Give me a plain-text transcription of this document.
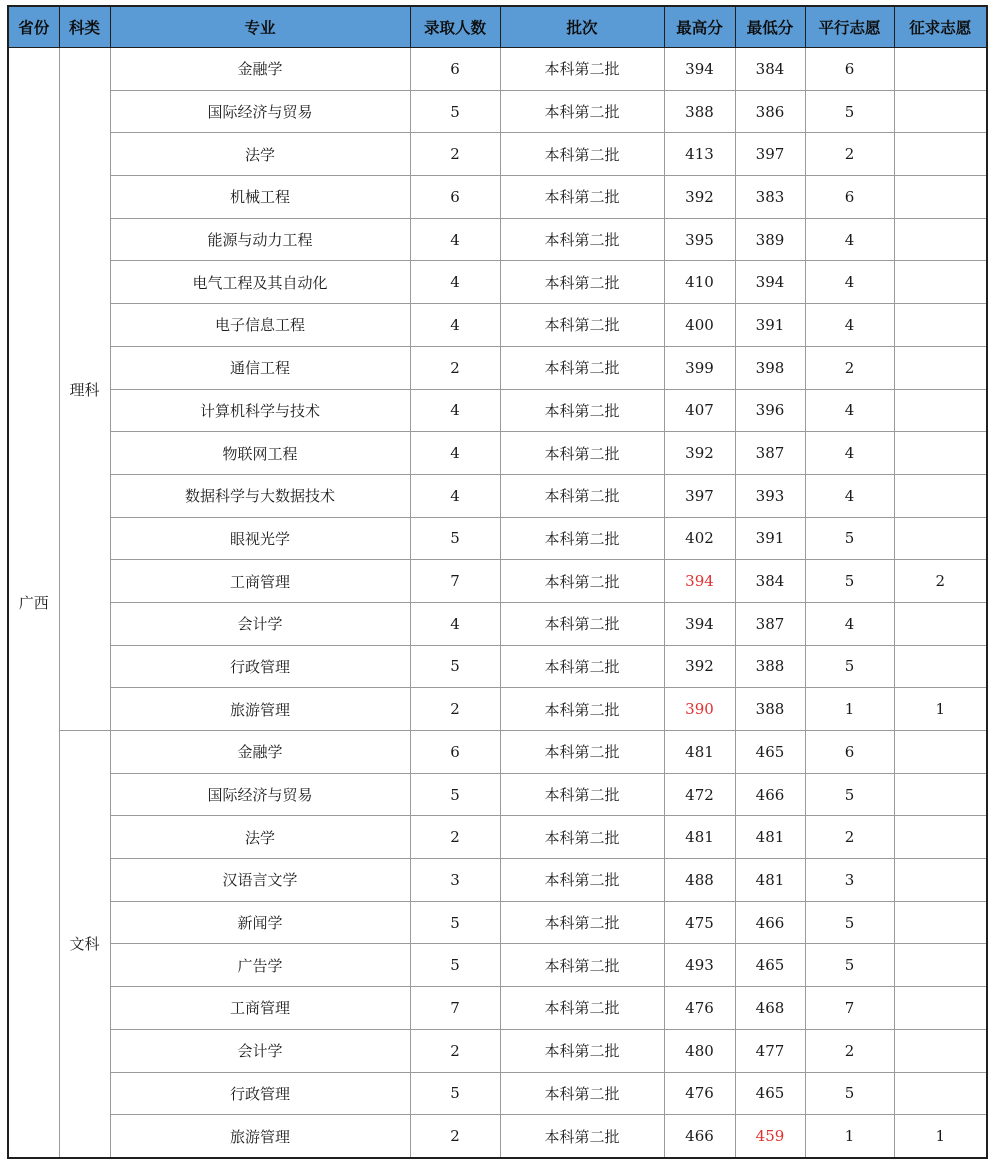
省份	科类	专业	录取人数	批次	最高分	最低分	平行志愿	征求志愿
广西	理科	金融学	6	本科第二批	394	384	6	
		国际经济与贸易	5	本科第二批	388	386	5	
		法学	2	本科第二批	413	397	2	
		机械工程	6	本科第二批	392	383	6	
		能源与动力工程	4	本科第二批	395	389	4	
		电气工程及其自动化	4	本科第二批	410	394	4	
		电子信息工程	4	本科第二批	400	391	4	
		通信工程	2	本科第二批	399	398	2	
		计算机科学与技术	4	本科第二批	407	396	4	
		物联网工程	4	本科第二批	392	387	4	
		数据科学与大数据技术	4	本科第二批	397	393	4	
		眼视光学	5	本科第二批	402	391	5	
		工商管理	7	本科第二批	394	384	5	2
		会计学	4	本科第二批	394	387	4	
		行政管理	5	本科第二批	392	388	5	
		旅游管理	2	本科第二批	390	388	1	1
	文科	金融学	6	本科第二批	481	465	6	
		国际经济与贸易	5	本科第二批	472	466	5	
		法学	2	本科第二批	481	481	2	
		汉语言文学	3	本科第二批	488	481	3	
		新闻学	5	本科第二批	475	466	5	
		广告学	5	本科第二批	493	465	5	
		工商管理	7	本科第二批	476	468	7	
		会计学	2	本科第二批	480	477	2	
		行政管理	5	本科第二批	476	465	5	
		旅游管理	2	本科第二批	466	459	1	1
